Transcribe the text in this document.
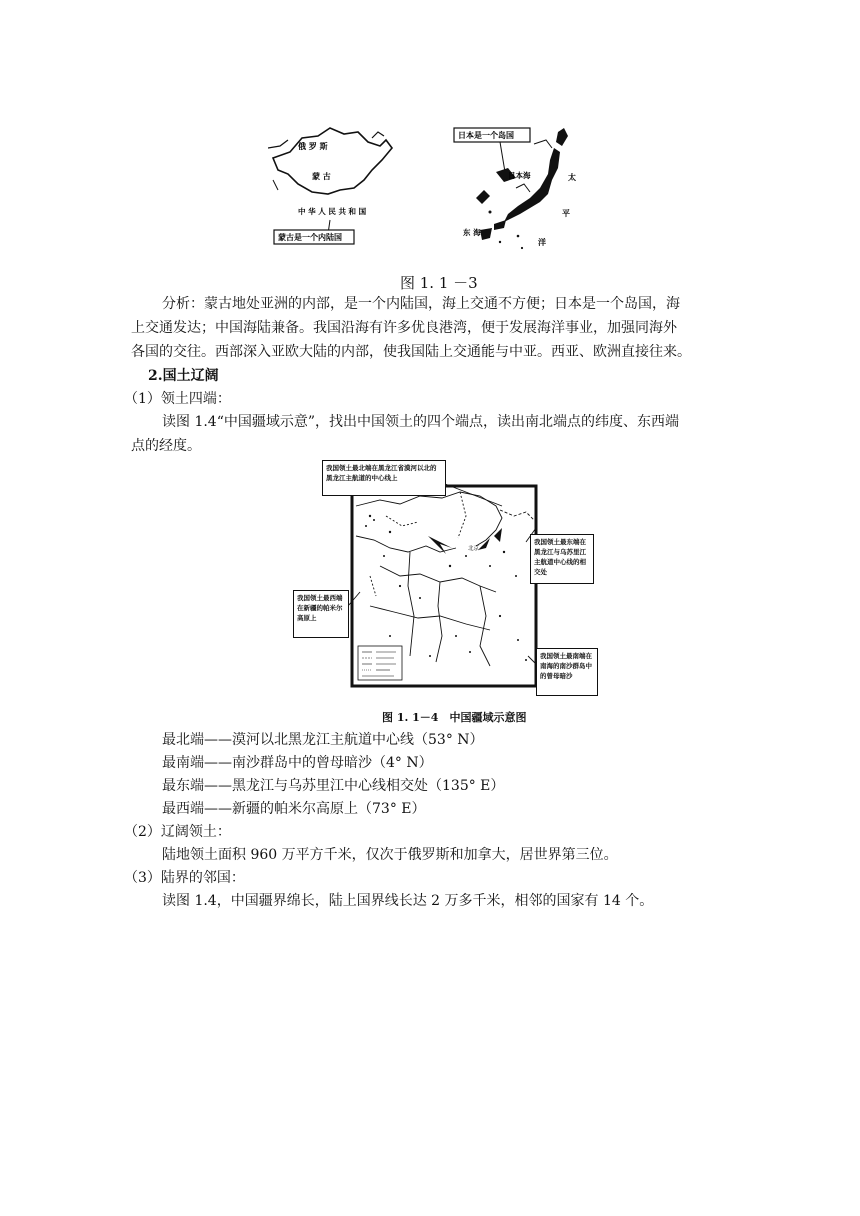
俄 罗 斯
蒙 古
中 华 人 民 共 和 国
蒙古是一个内陆国
日本是一个岛国
日本海
东 海
太
平
洋
图 1. 1 －3
分析：蒙古地处亚洲的内部，是一个内陆国，海上交通不方便；日本是一个岛国，海
上交通发达；中国海陆兼备。我国沿海有许多优良港湾，便于发展海洋事业，加强同海外
各国的交往。西部深入亚欧大陆的内部，使我国陆上交通能与中亚。西亚、欧洲直接往来。
2.国土辽阔
（1）领土四端：
读图 1.4“中国疆域示意”，找出中国领土的四个端点，读出南北端点的纬度、东西端
点的经度。
北京
我国领土最北端在黑龙江省漠河以北的黑龙江主航道的中心线上
我国领土最东端在黑龙江与乌苏里江主航道中心线的相交处
我国领土最西端在新疆的帕米尔高原上
我国领土最南端在南海的南沙群岛中的曾母暗沙
图 1. 1－4　中国疆域示意图
最北端——漠河以北黑龙江主航道中心线（53° N）
最南端——南沙群岛中的曾母暗沙（4° N）
最东端——黑龙江与乌苏里江中心线相交处（135° E）
最西端——新疆的帕米尔高原上（73° E）
（2）辽阔领土：
陆地领土面积 960 万平方千米，仅次于俄罗斯和加拿大，居世界第三位。
（3）陆界的邻国：
读图 1.4，中国疆界绵长，陆上国界线长达 2 万多千米，相邻的国家有 14 个。
